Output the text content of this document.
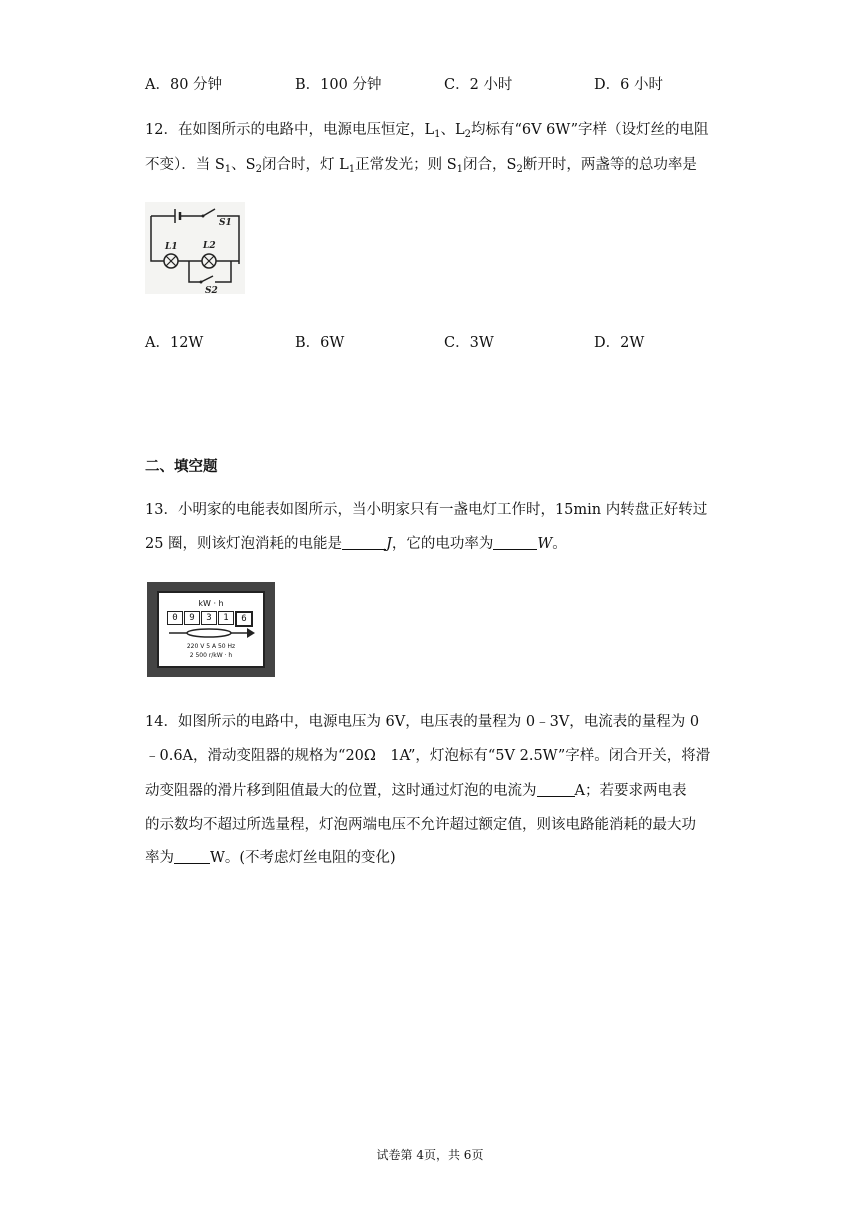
A．80 分钟	B．100 分钟	C．2 小时	D．6 小时
12．在如图所示的电路中，电源电压恒定，$L_1$、$L_2$均标有“6V 6W”字样（设灯丝的电阻
不变）．当 $S_1$、$S_2$闭合时，灯 $L_1$正常发光；则 $S_1$闭合，$S_2$断开时，两盏等的总功率是
S1
L1	L2
S2
A．12W	B．6W	C．3W	D．2W
二、填空题
13．小明家的电能表如图所示，当小明家只有一盏电灯工作时，15min 内转盘正好转过
25 圈，则该灯泡消耗的电能是	J，它的电功率为	W。
kW · h
0	9	3	1	6
220 V 5 A 50 Hz
2 500 r/kW · h
14．如图所示的电路中，电源电压为 6V，电压表的量程为 0﹣3V，电流表的量程为 0
﹣0.6A，滑动变阻器的规格为“20Ω　1A”，灯泡标有“5V 2.5W”字样。闭合开关，将滑
动变阻器的滑片移到阻值最大的位置，这时通过灯泡的电流为	A；若要求两电表
的示数均不超过所选量程，灯泡两端电压不允许超过额定值，则该电路能消耗的最大功
率为 W。(不考虑灯丝电阻的变化)
试卷第 4页，共 6页
